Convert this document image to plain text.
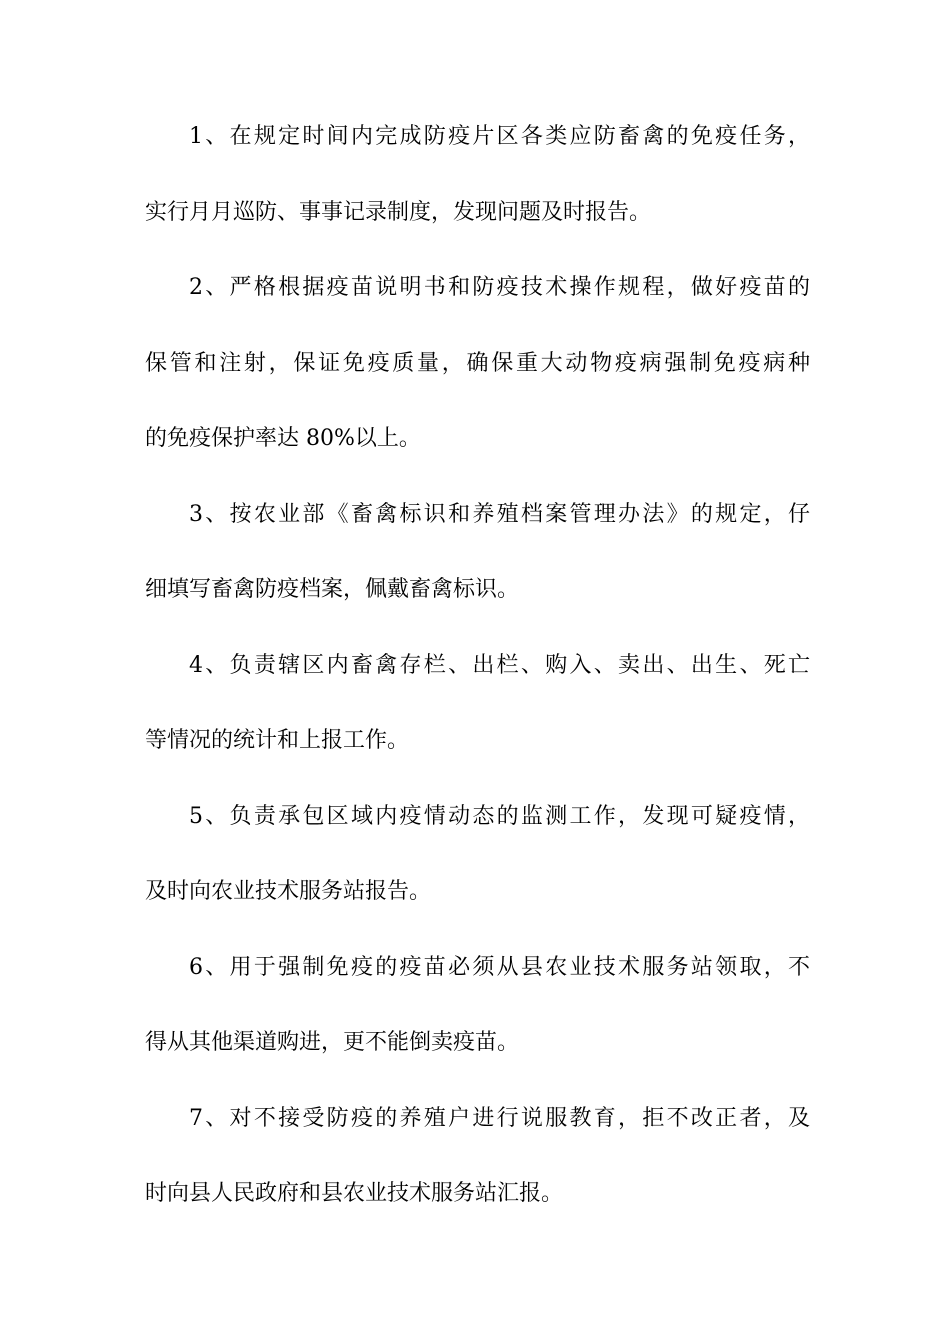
1、在规定时间内完成防疫片区各类应防畜禽的免疫任务，
实行月月巡防、事事记录制度，发现问题及时报告。
2、严格根据疫苗说明书和防疫技术操作规程，做好疫苗的
保管和注射，保证免疫质量，确保重大动物疫病强制免疫病种
的免疫保护率达 80%以上。
3、按农业部《畜禽标识和养殖档案管理办法》的规定，仔
细填写畜禽防疫档案，佩戴畜禽标识。
4、负责辖区内畜禽存栏、出栏、购入、卖出、出生、死亡
等情况的统计和上报工作。
5、负责承包区域内疫情动态的监测工作，发现可疑疫情，
及时向农业技术服务站报告。
6、用于强制免疫的疫苗必须从县农业技术服务站领取，不
得从其他渠道购进，更不能倒卖疫苗。
7、对不接受防疫的养殖户进行说服教育，拒不改正者，及
时向县人民政府和县农业技术服务站汇报。
